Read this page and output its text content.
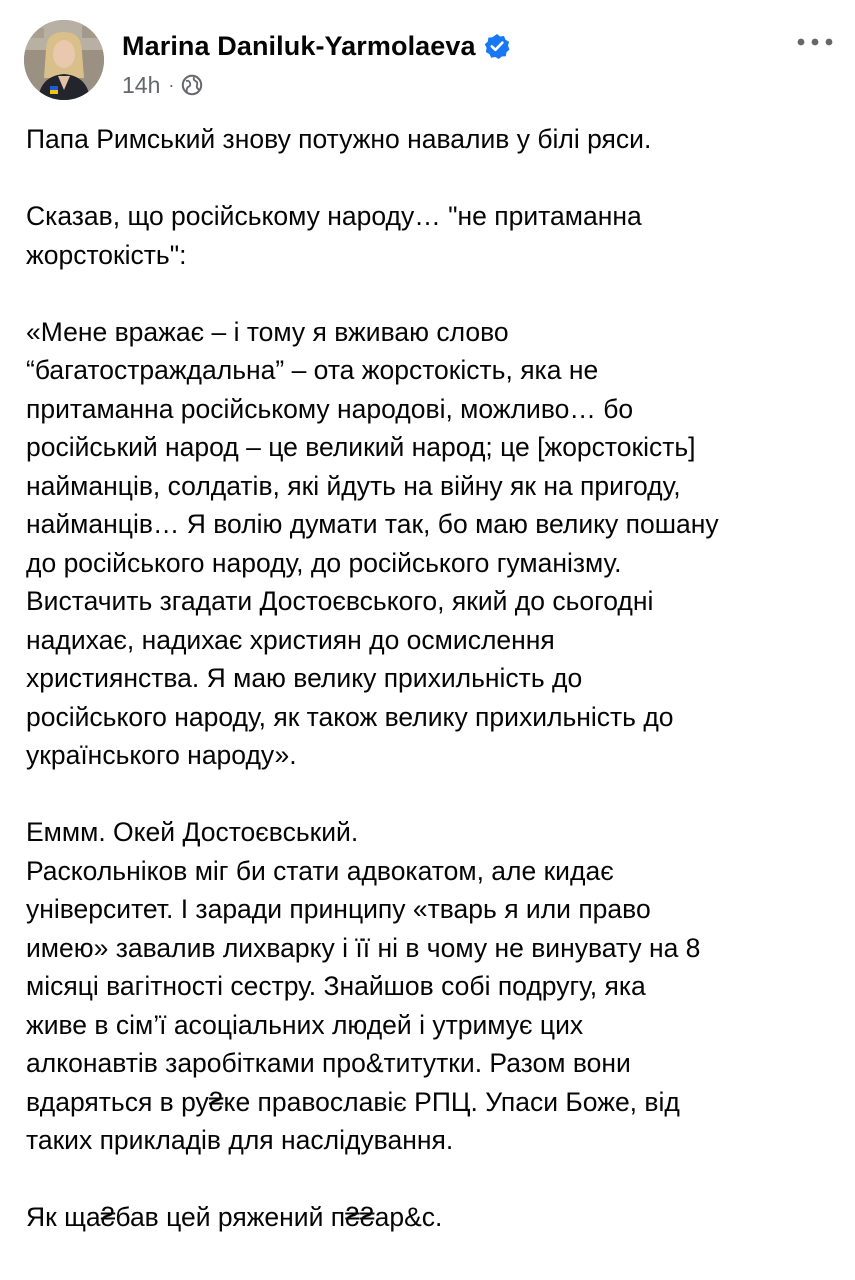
Marina Daniluk-Yarmolaeva
14h ·

Папа Римський знову потужно навалив у білі ряси.

Сказав, що російському народу… "не притаманна
жорстокість":

«Мене вражає – і тому я вживаю слово
“багатостраждальна” – ота жорстокість, яка не
притаманна російському народові, можливо… бо
російський народ – це великий народ; це [жорстокість]
найманців, солдатів, які йдуть на війну як на пригоду,
найманців… Я волію думати так, бо маю велику пошану
до російського народу, до російського гуманізму.
Вистачить згадати Достоєвського, який до сьогодні
надихає, надихає християн до осмислення
християнства. Я маю велику прихильність до
російського народу, як також велику прихильність до
українського народу».

Еммм. Окей Достоєвський.
Раскольніков міг би стати адвокатом, але кидає
університет. І заради принципу «тварь я или право
имею» завалив лихварку і її ні в чому не винувату на 8
місяці вагітності сестру. Знайшов собі подругу, яка
живе в сім’ї асоціальних людей і утримує цих
алконавтів заробітками про&титутки. Разом вони
вдаряться в ру₴ке православіє РПЦ. Упаси Боже, від
таких прикладів для наслідування.

Як ща₴бав цей ряжений п₴₴ар&с.
